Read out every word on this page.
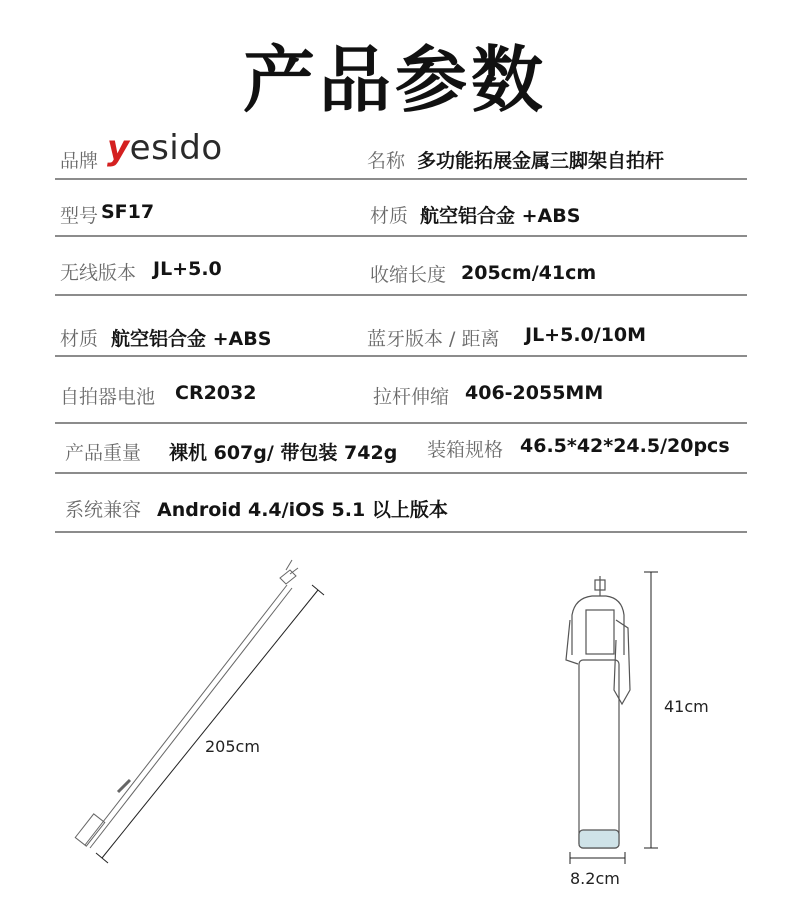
产品参数
品牌 yesido	名称 多功能拓展金属三脚架自拍杆
型号 SF17	材质 航空铝合金 +ABS
无线版本 JL+5.0	收缩长度 205cm/41cm
材质 航空铝合金 +ABS	蓝牙版本 / 距离 JL+5.0/10M
自拍器电池 CR2032	拉杆伸缩 406-2055MM
产品重量 裸机 607g/ 带包装 742g 装箱规格 46.5*42*24.5/20pcs
系统兼容 Android 4.4/iOS 5.1 以上版本
205cm
41cm
8.2cm
